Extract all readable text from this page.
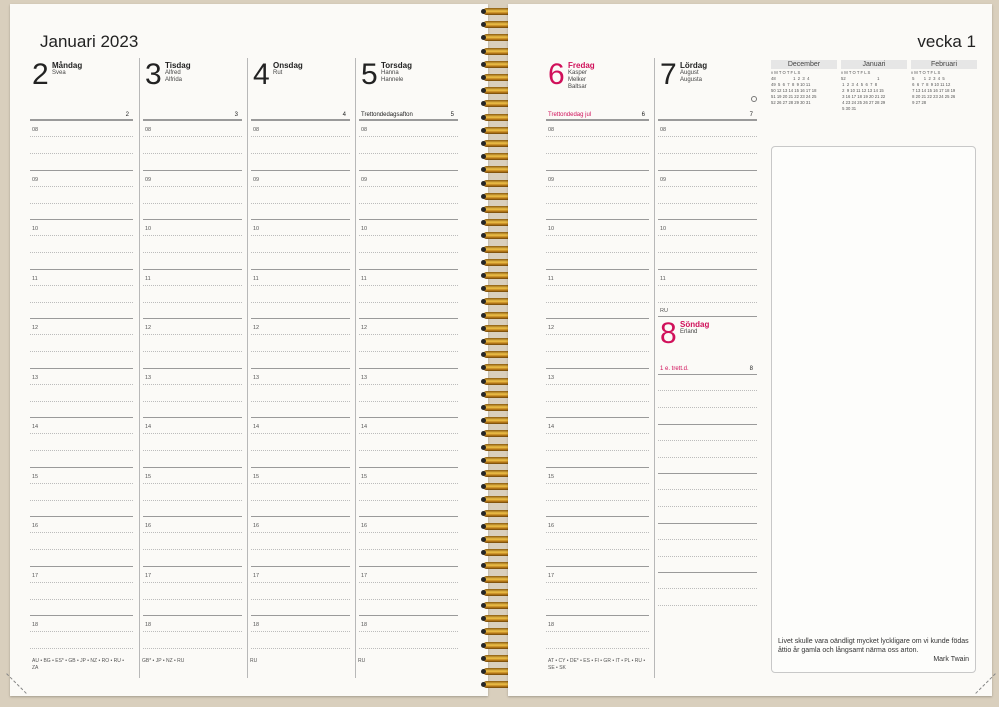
Januari 2023
2 Måndag
Svea
2
08
09
10
11
12
13
14
15
16
17
18
AU • BG • ES* • GB • JP • NZ • RO • RU • ZA
3 Tisdag
Alfred
Alfrida
3
08
09
10
11
12
13
14
15
16
17
18
GB* • JP • NZ • RU
4 Onsdag
Rut
4
08
09
10
11
12
13
14
15
16
17
18
RU
5 Torsdag
Hanna
Hannele
Trettondedagsafton	5
08
09
10
11
12
13
14
15
16
17
18
RU
vecka 1
6 Fredag
Kasper
Melker
Baltsar
Trettondedag jul	6
08
09
10
11
12
13
14
15
16
17
18
AT • CY • DE* • ES • FI • GR • IT • PL • RU • SE • SK
7 Lördag
August
Augusta
7
08
09
10
11
RU
8 Söndag
Erland
1 e. trett.d.	8
December	Januari	Februari
v M T O T F L S
48               1  2  3  4
49  5  6  7  8  9 10 11
50 12 13 14 15 16 17 18
51 19 20 21 22 23 24 25
52 26 27 28 29 30 31
v M T O T F L S
52                           1
1  2  3  4  5  6  7  8
2  9 10 11 12 13 14 15
3 16 17 18 19 20 21 22
4 23 24 25 26 27 28 29
5 30 31
v M T O T F L S
5        1  2  3  4  5
6  6  7  8  9 10 11 12
7 13 14 15 16 17 18 19
8 20 21 22 23 24 25 26
9 27 28
Livet skulle vara oändligt mycket lyckligare om vi kunde födas åttio år gamla och långsamt närma oss arton.
Mark Twain
